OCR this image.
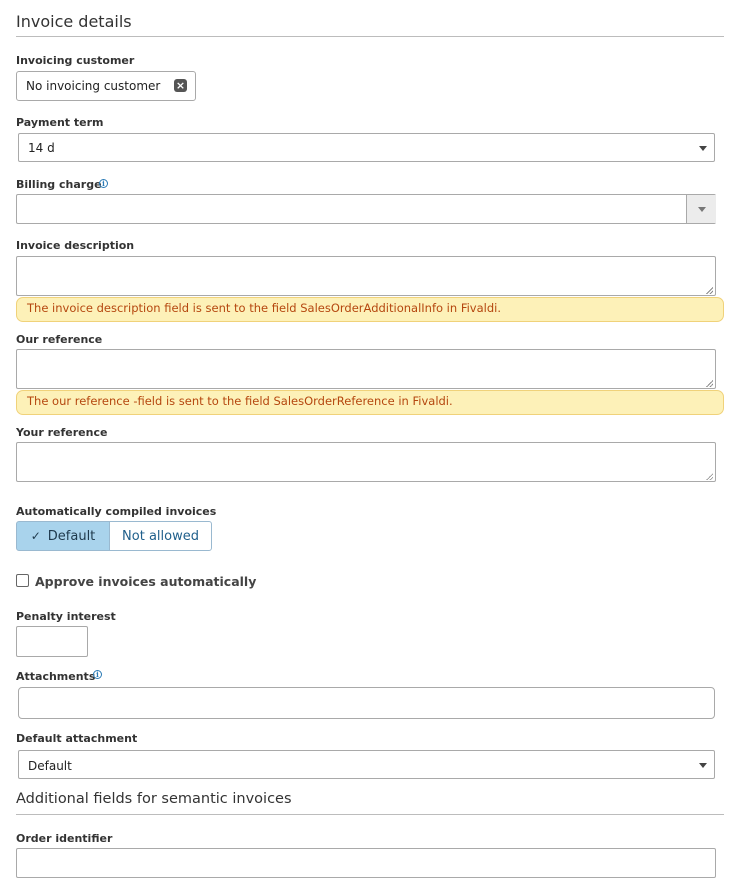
Invoice details
Invoicing customer
No invoicing customer ×
Payment term
14 d
Billing charge i
Invoice description
The invoice description field is sent to the field SalesOrderAdditionalInfo in Fivaldi.
Our reference
The our reference -field is sent to the field SalesOrderReference in Fivaldi.
Your reference
Automatically compiled invoices
✓ Default Not allowed
Approve invoices automatically
Penalty interest
Attachments i
Default attachment
Default
Additional fields for semantic invoices
Order identifier
